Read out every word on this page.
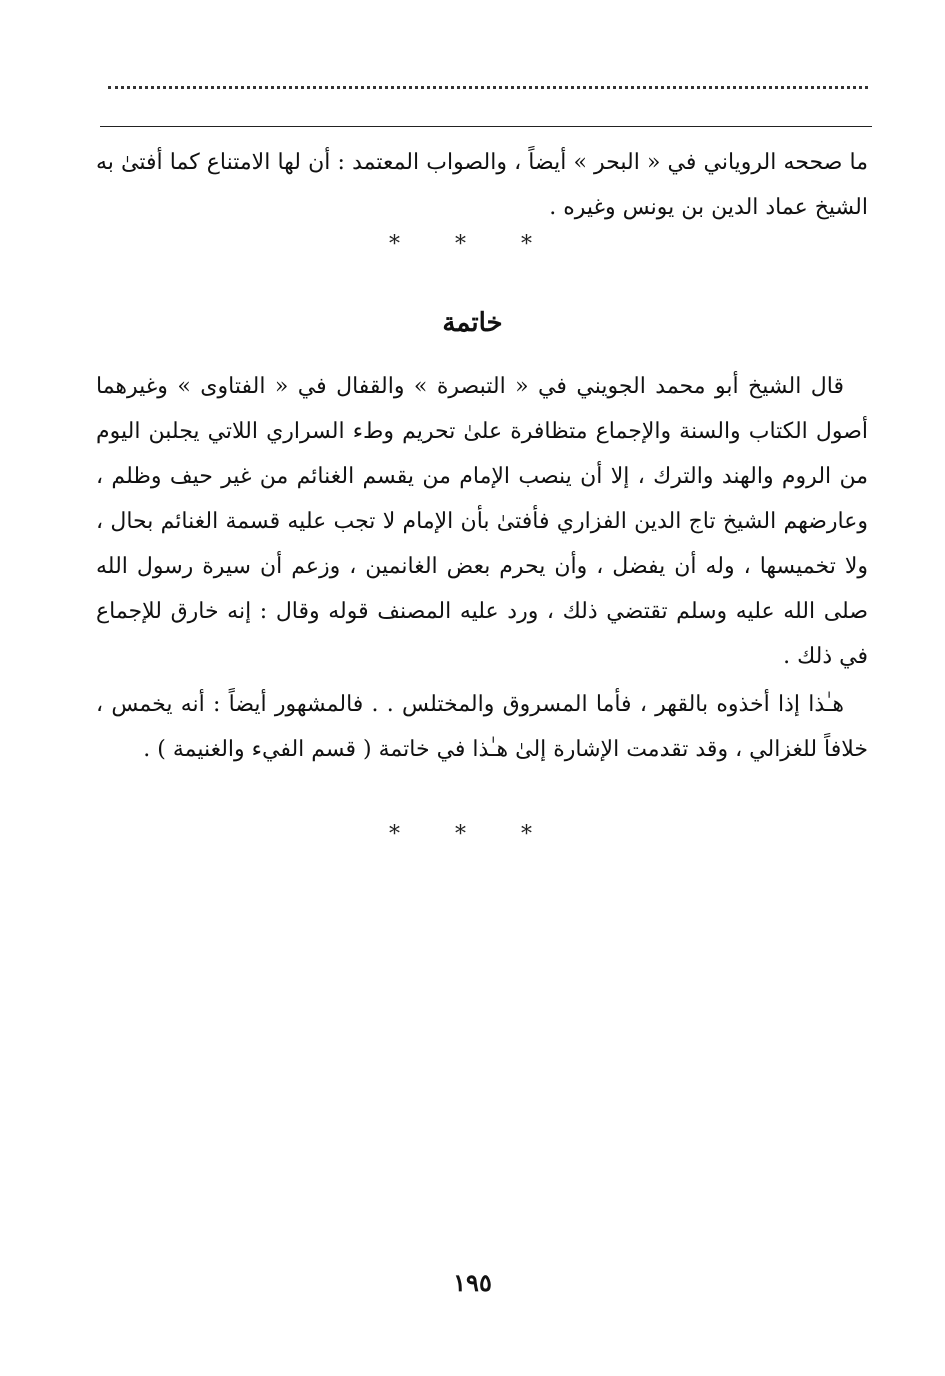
ما صححه الروياني في « البحر » أيضاً ، والصواب المعتمد : أن لها الامتناع كما أفتىٰ به الشيخ عماد الدين بن يونس وغيره .
* * *
خاتمة
قال الشيخ أبو محمد الجويني في « التبصرة » والقفال في « الفتاوى » وغيرهما أصول الكتاب والسنة والإجماع متظافرة علىٰ تحريم وطء السراري اللاتي يجلبن اليوم من الروم والهند والترك ، إلا أن ينصب الإمام من يقسم الغنائم من غير حيف وظلم ، وعارضهم الشيخ تاج الدين الفزاري فأفتىٰ بأن الإمام لا تجب عليه قسمة الغنائم بحال ، ولا تخميسها ، وله أن يفضل ، وأن يحرم بعض الغانمين ، وزعم أن سيرة رسول الله صلى الله عليه وسلم تقتضي ذلك ، ورد عليه المصنف قوله وقال : إنه خارق للإجماع في ذلك .
هـٰذا إذا أخذوه بالقهر ، فأما المسروق والمختلس . . فالمشهور أيضاً : أنه يخمس ، خلافاً للغزالي ، وقد تقدمت الإشارة إلىٰ هـٰذا في خاتمة ( قسم الفيء والغنيمة ) .
* * *
١٩٥
